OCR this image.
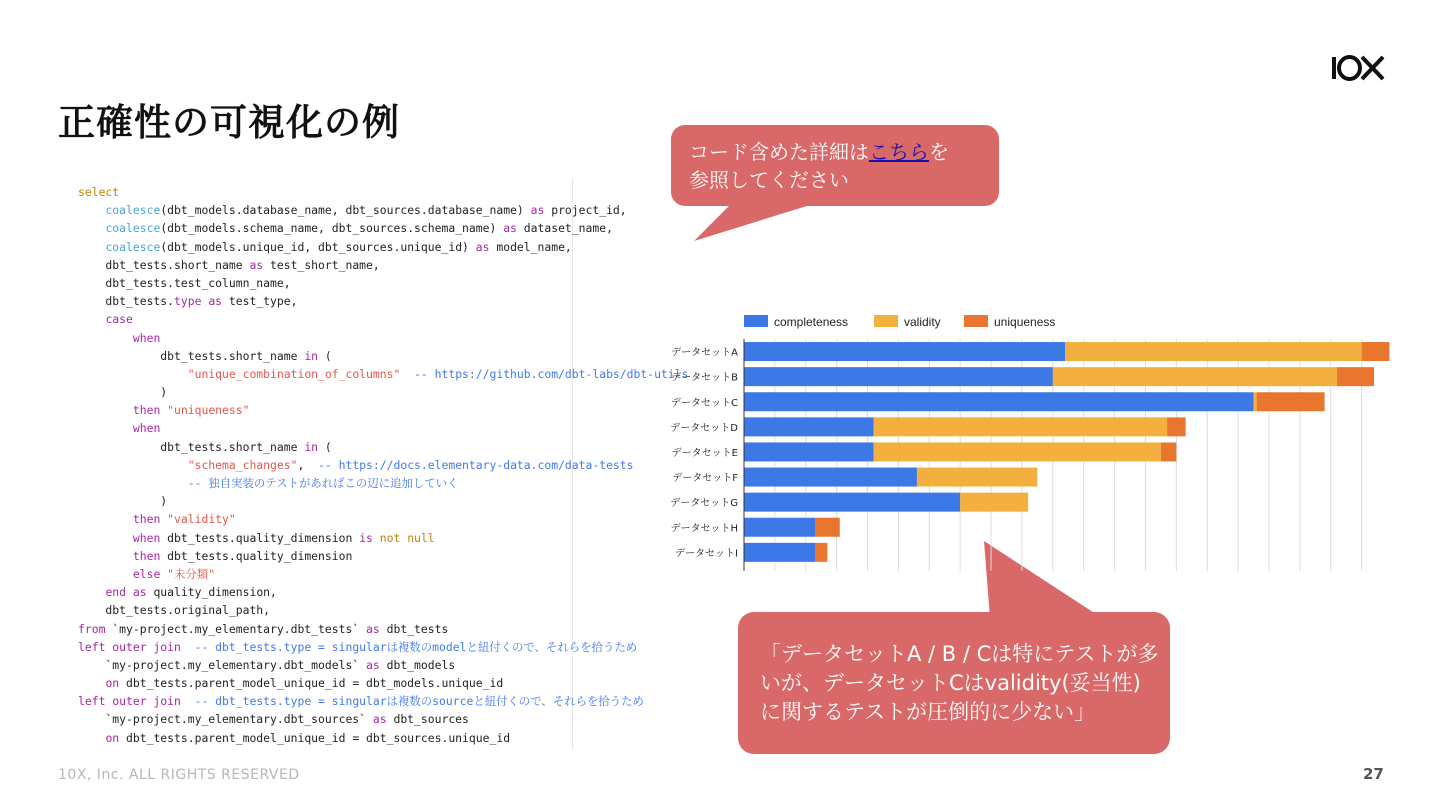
正確性の可視化の例
select
coalesce(dbt_models.database_name, dbt_sources.database_name) as project_id,
coalesce(dbt_models.schema_name, dbt_sources.schema_name) as dataset_name,
coalesce(dbt_models.unique_id, dbt_sources.unique_id) as model_name,
dbt_tests.short_name as test_short_name,
dbt_tests.test_column_name,
dbt_tests.type as test_type,
case
when
dbt_tests.short_name in (
"unique_combination_of_columns" -- https://github.com/dbt-labs/dbt-utils
)
then "uniqueness"
when
dbt_tests.short_name in (
"schema_changes",  -- https://docs.elementary-data.com/data-tests
-- 独自実装のテストがあればこの辺に追加していく
)
then "validity"
when dbt_tests.quality_dimension is not null
then dbt_tests.quality_dimension
else "未分類"
end as quality_dimension,
dbt_tests.original_path,
from `my-project.my_elementary.dbt_tests` as dbt_tests
left outer join -- dbt_tests.type = singularは複数のmodelと紐付くので、それらを拾うため
`my-project.my_elementary.dbt_models` as dbt_models
on dbt_tests.parent_model_unique_id = dbt_models.unique_id
left outer join -- dbt_tests.type = singularは複数のsourceと紐付くので、それらを拾うため
`my-project.my_elementary.dbt_sources` as dbt_sources
on dbt_tests.parent_model_unique_id = dbt_sources.unique_id
コード含めた詳細はこちらを
参照してください
「データセットA / B / Cは特にテストが多いが、データセットCはvalidity(妥当性)に関するテストが圧倒的に少ない」
completeness	validity	uniqueness
データセットA
データセットB
データセットC
データセットD
データセットE
データセットF
データセットG
データセットH
データセットI
10X, Inc. ALL RIGHTS RESERVED	27
